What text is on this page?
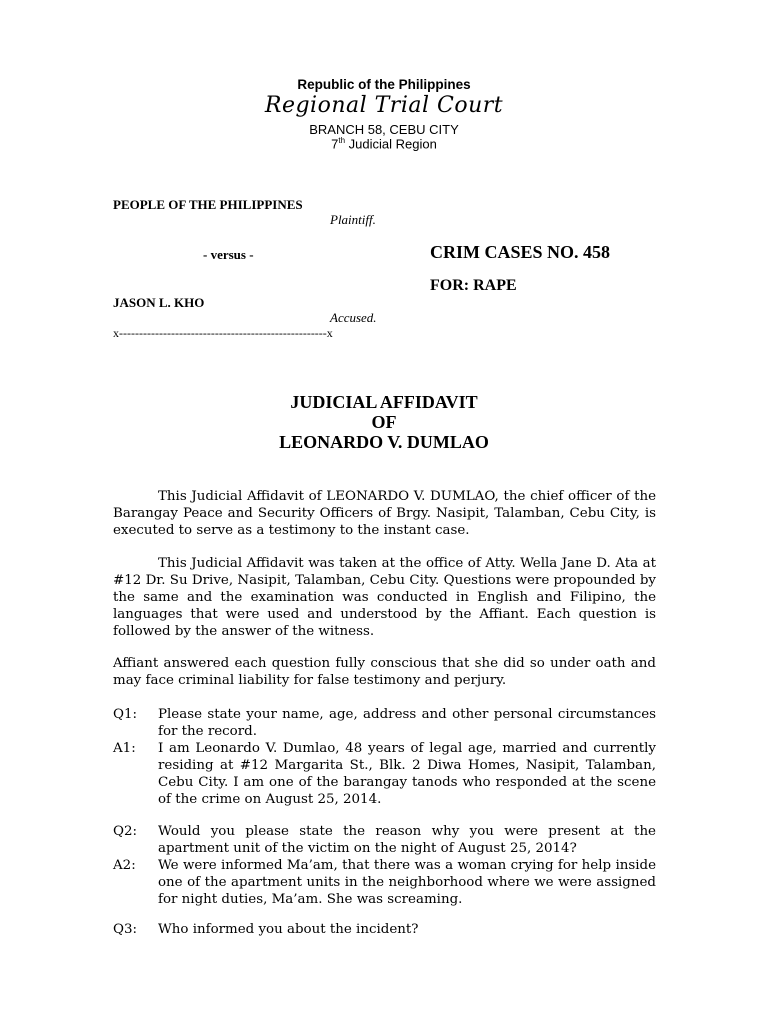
Republic of the Philippines
Regional Trial Court
BRANCH 58, CEBU CITY
7th Judicial Region
PEOPLE OF THE PHILIPPINES
Plaintiff.
- versus -	CRIM CASES NO. 458
FOR: RAPE
JASON L. KHO
Accused.
x----------------------------------------------------x
JUDICIAL AFFIDAVIT
OF
LEONARDO V. DUMLAO
This Judicial Affidavit of LEONARDO V. DUMLAO, the chief officer of the Barangay Peace and Security Officers of Brgy. Nasipit, Talamban, Cebu City, is executed to serve as a testimony to the instant case.
This Judicial Affidavit was taken at the office of Atty. Wella Jane D. Ata at #12 Dr. Su Drive, Nasipit, Talamban, Cebu City. Questions were propounded by the same and the examination was conducted in English and Filipino, the languages that were used and understood by the Affiant. Each question is followed by the answer of the witness.
Affiant answered each question fully conscious that she did so under oath and may face criminal liability for false testimony and perjury.
Q1:	Please state your name, age, address and other personal circumstances for the record.
A1:	I am Leonardo V. Dumlao, 48 years of legal age, married and currently residing at #12 Margarita St., Blk. 2 Diwa Homes, Nasipit, Talamban, Cebu City. I am one of the barangay tanods who responded at the scene of the crime on August 25, 2014.
Q2:	Would you please state the reason why you were present at the apartment unit of the victim on the night of August 25, 2014?
A2:	We were informed Ma’am, that there was a woman crying for help inside one of the apartment units in the neighborhood where we were assigned for night duties, Ma’am. She was screaming.
Q3:	Who informed you about the incident?
